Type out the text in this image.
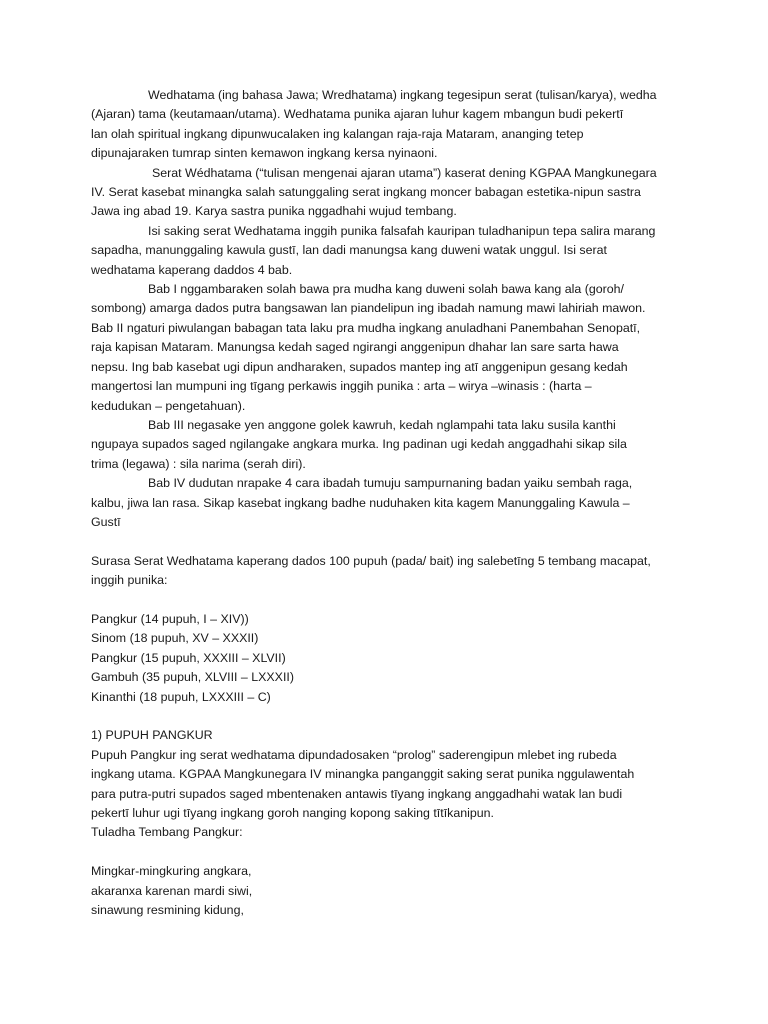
Wedhatama (ing bahasa Jawa; Wredhatama) ingkang tegesipun serat (tulisan/karya), wedha

(Ajaran) tama (keutamaan/utama). Wedhatama punika ajaran luhur kagem mbangun budi pekertī

lan olah spiritual ingkang dipunwucalaken ing kalangan raja-raja Mataram, ananging tetep

dipunajaraken tumrap sinten kemawon ingkang kersa nyinaoni.

Serat Wédhatama (“tulisan mengenai ajaran utama”) kaserat dening KGPAA Mangkunegara

IV. Serat kasebat minangka salah satunggaling serat ingkang moncer babagan estetika-nipun sastra

Jawa ing abad 19. Karya sastra punika nggadhahi wujud tembang.

Isi saking serat Wedhatama inggih punika falsafah kauripan tuladhanipun tepa salira marang

sapadha, manunggaling kawula gustī, lan dadi manungsa kang duweni watak unggul. Isi serat

wedhatama kaperang daddos 4 bab.

Bab I nggambaraken solah bawa pra mudha kang duweni solah bawa kang ala (goroh/

sombong) amarga dados putra bangsawan lan piandelipun ing ibadah namung mawi lahiriah mawon.

Bab II ngaturi piwulangan babagan tata laku pra mudha ingkang anuladhani Panembahan Senopatī,

raja kapisan Mataram. Manungsa kedah saged ngirangi anggenipun dhahar lan sare sarta hawa

nepsu. Ing bab kasebat ugi dipun andharaken, supados mantep ing atī anggenipun gesang kedah

mangertosi lan mumpuni ing tīgang perkawis inggih punika : arta – wirya –winasis : (harta –

kedudukan – pengetahuan).

Bab III negasake yen anggone golek kawruh, kedah nglampahi tata laku susila kanthi

ngupaya supados saged ngilangake angkara murka. Ing padinan ugi kedah anggadhahi sikap sila

trima (legawa) : sila narima (serah diri).

Bab IV dudutan nrapake 4 cara ibadah tumuju sampurnaning badan yaiku sembah raga,

kalbu, jiwa lan rasa. Sikap kasebat ingkang badhe nuduhaken kita kagem Manunggaling Kawula –

Gustī

Surasa Serat Wedhatama kaperang dados 100 pupuh (pada/ bait) ing salebetīng 5 tembang macapat,

inggih punika:

Pangkur (14 pupuh, I – XIV))

Sinom (18 pupuh, XV – XXXII)

Pangkur (15 pupuh, XXXIII – XLVII)

Gambuh (35 pupuh, XLVIII – LXXXII)

Kinanthi (18 pupuh, LXXXIII – C)

1) PUPUH PANGKUR

Pupuh Pangkur ing serat wedhatama dipundadosaken “prolog” saderengipun mlebet ing rubeda

ingkang utama. KGPAA Mangkunegara IV minangka panganggit saking serat punika nggulawentah

para putra-putri supados saged mbentenaken antawis tīyang ingkang anggadhahi watak lan budi

pekertī luhur ugi tīyang ingkang goroh nanging kopong saking tītīkanipun.

Tuladha Tembang Pangkur:

Mingkar-mingkuring angkara,

akaranxa karenan mardi siwi,

sinawung resmining kidung,
